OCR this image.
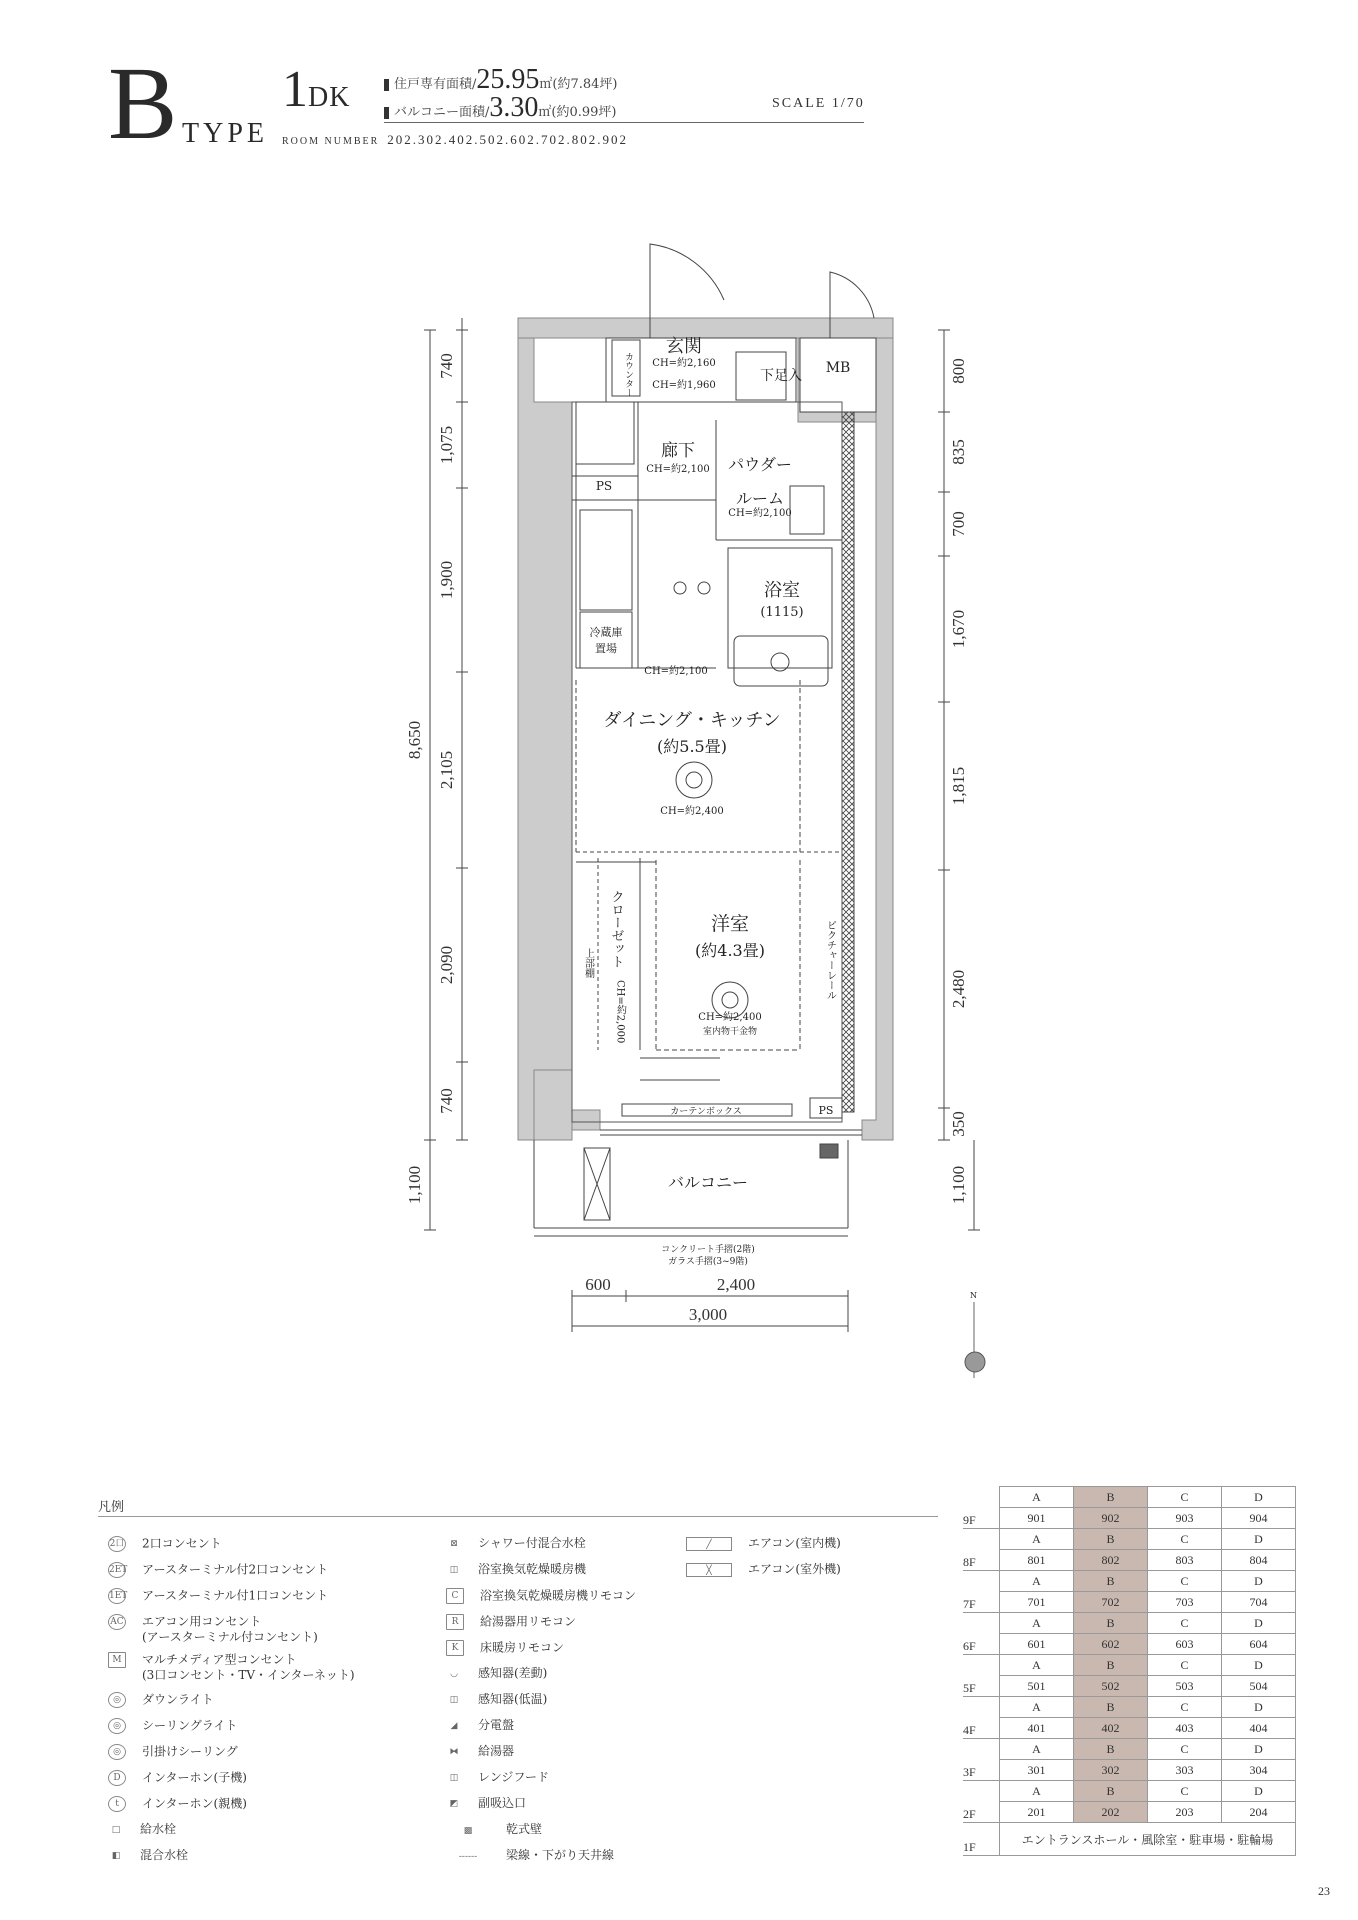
B TYPE
1DK	住戸専有面積/25.95㎡(約7.84坪)
バルコニー面積/3.30㎡(約0.99坪)
SCALE 1/70
ROOM NUMBER 202.302.402.502.602.702.802.902
玄関
CH=約2,160
CH=約1,960
カウンター	下足入 MB
廊下
CH=約2,100 パウダー
ルーム
CH=約2,100
PS
浴室
(1115)
冷蔵庫
置場
CH=約2,100
ダイニング・キッチン
(約5.5畳)
CH=約2,400
クローゼット
CH=約2,000
上部棚
洋室
(約4.3畳)
CH=約2,400
室内物干金物
ピクチャーレール
カーテンボックス	PS
バルコニー
コンクリート手摺(2階)
ガラス手摺(3~9階)
N
8,650
740
1,075
1,900
2,105
2,090
740
1,100
800
835
700
1,670
1,815
2,480
350
1,100
600	2,400
3,000
凡例
2口 2口コンセント
2ET アースターミナル付2口コンセント
1ET アースターミナル付1口コンセント
AC エアコン用コンセント
(アースターミナル付コンセント)
M マルチメディア型コンセント
(3口コンセント・TV・インターネット)
◎ ダウンライト
◎ シーリングライト
◎ 引掛けシーリング
D インターホン(子機)
t インターホン(親機)
□ 給水栓
◧ 混合水栓
⊠ シャワー付混合水栓
◫ 浴室換気乾燥暖房機
C 浴室換気乾燥暖房機リモコン
R 給湯器用リモコン
K 床暖房リモコン
◡ 感知器(差動)
◫ 感知器(低温)
◢ 分電盤
⧓ 給湯器
◫ レンジフード
◩ 副吸込口
▩	乾式壁
------ 梁線・下がり天井線
╱	エアコン(室内機)
╳	エアコン(室外機)
9F	A	B	C	D
	901	902	903	904
8F	A	B	C	D
	801	802	803	804
7F	A	B	C	D
	701	702	703	704
6F	A	B	C	D
	601	602	603	604
5F	A	B	C	D
	501	502	503	504
4F	A	B	C	D
	401	402	403	404
3F	A	B	C	D
	301	302	303	304
2F	A	B	C	D
	201	202	203	204
1F	エントランスホール・風除室・駐車場・駐輪場			
23
